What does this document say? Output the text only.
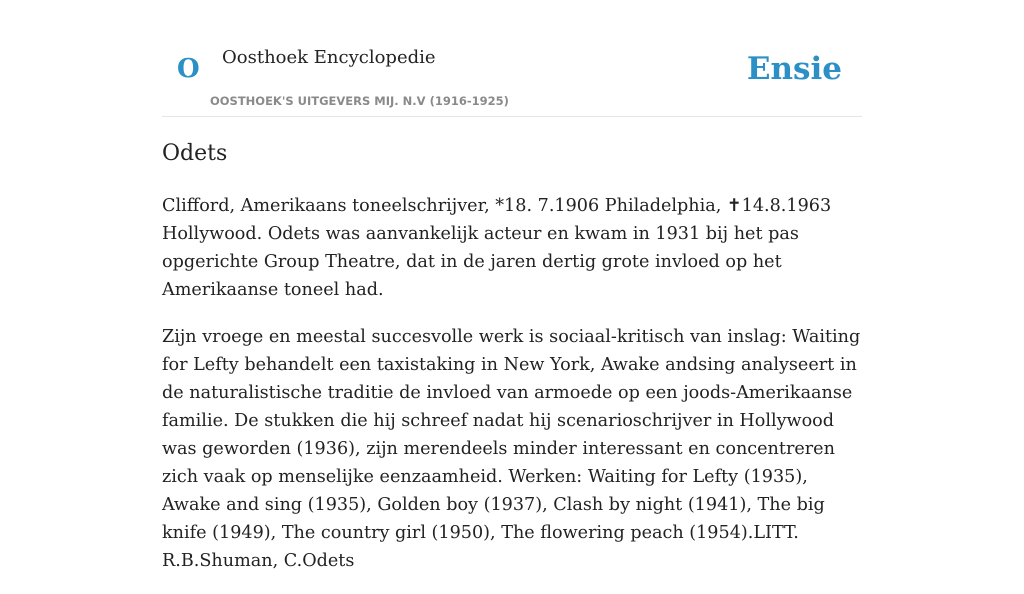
O Oosthoek Encyclopedie
OOSTHOEK'S UITGEVERS MIJ. N.V (1916-1925)
Ensie
Odets

Clifford, Amerikaans toneelschrijver, *18. 7.1906 Philadelphia, ✝14.8.1963 Hollywood. Odets was aanvankelijk acteur en kwam in 1931 bij het pas opgerichte Group Theatre, dat in de jaren dertig grote invloed op het Amerikaanse toneel had.

Zijn vroege en meestal succesvolle werk is sociaal-kritisch van inslag: Waiting for Lefty behandelt een taxistaking in New York, Awake andsing analyseert in de naturalistische traditie de invloed van armoede op een joods-Amerikaanse familie. De stukken die hij schreef nadat hij scenarioschrijver in Hollywood was geworden (1936), zijn merendeels minder interessant en concentreren zich vaak op menselijke eenzaamheid. Werken: Waiting for Lefty (1935), Awake and sing (1935), Golden boy (1937), Clash by night (1941), The big knife (1949), The country girl (1950), The flowering peach (1954).LITT. R.B.Shuman, C.Odets
